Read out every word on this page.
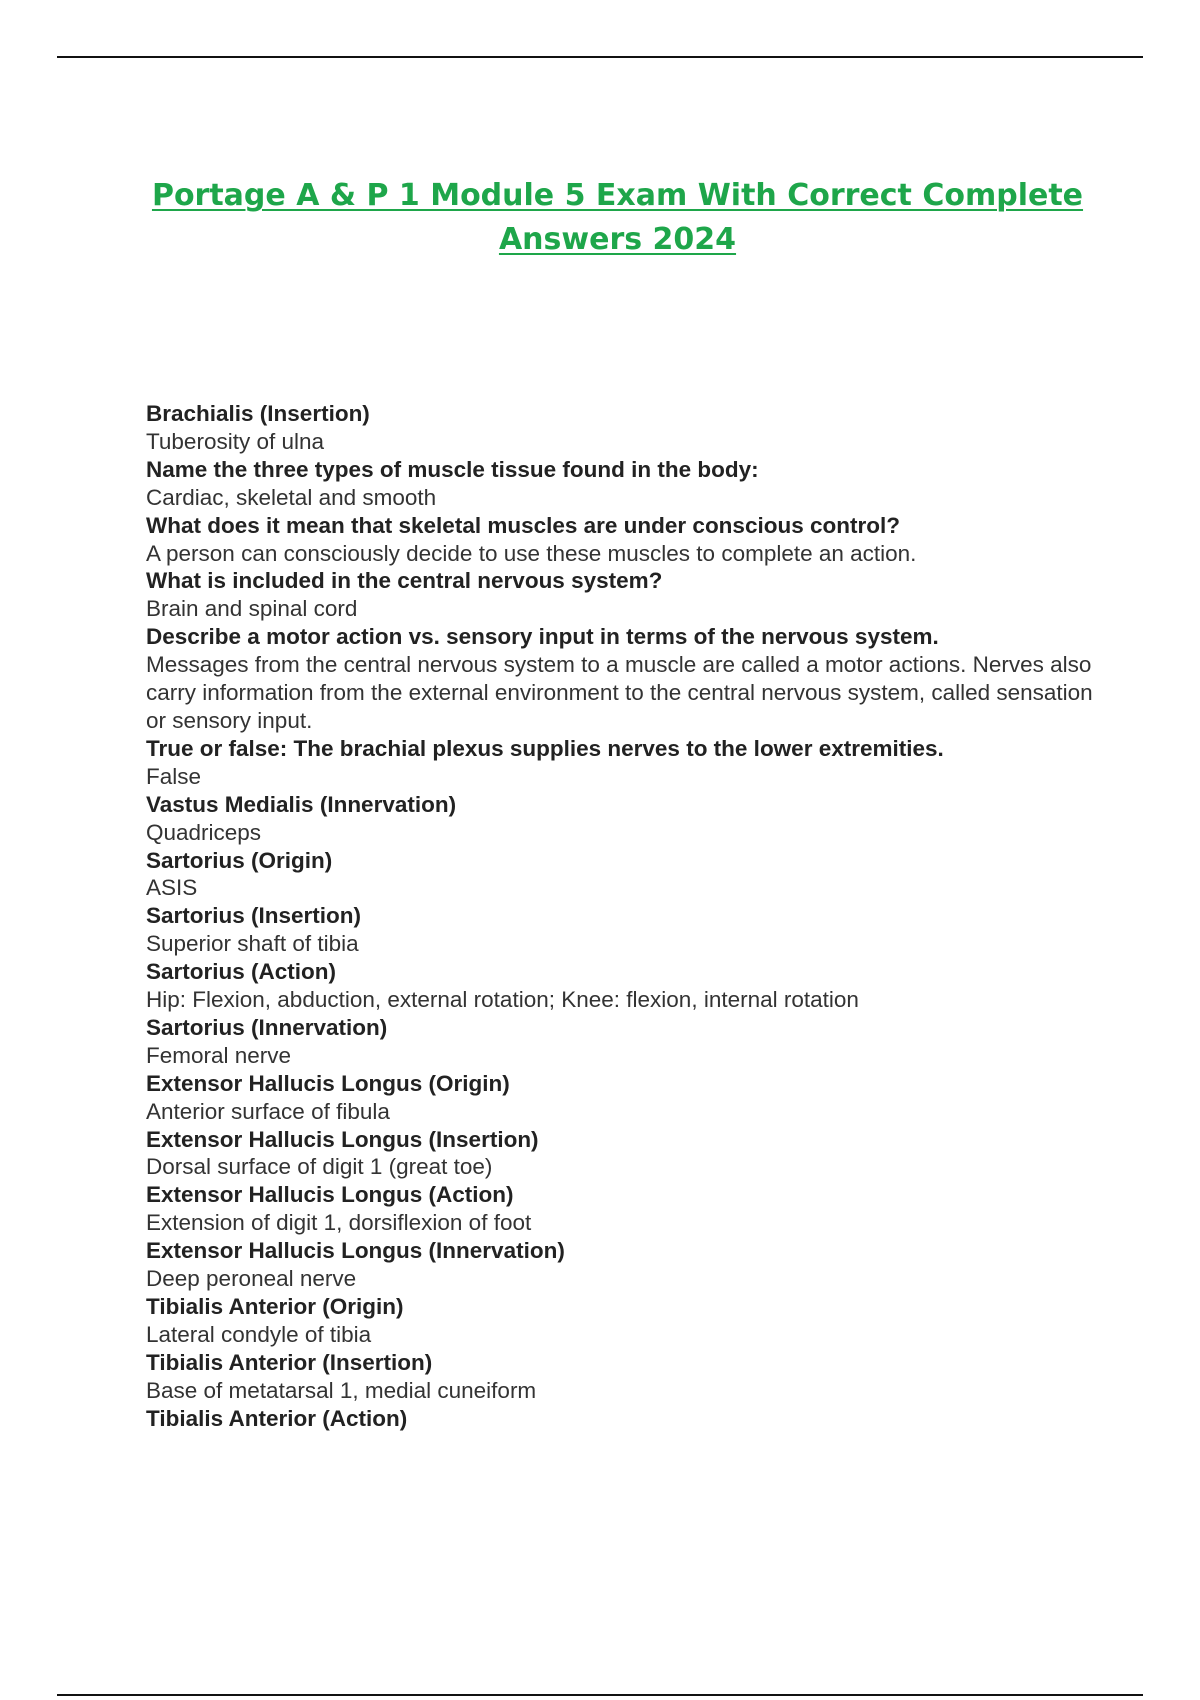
Portage A & P 1 Module 5 Exam With Correct Complete Answers 2024
Brachialis (Insertion)
Tuberosity of ulna
Name the three types of muscle tissue found in the body:
Cardiac, skeletal and smooth
What does it mean that skeletal muscles are under conscious control?
A person can consciously decide to use these muscles to complete an action.
What is included in the central nervous system?
Brain and spinal cord
Describe a motor action vs. sensory input in terms of the nervous system.
Messages from the central nervous system to a muscle are called a motor actions. Nerves also carry information from the external environment to the central nervous system, called sensation or sensory input.
True or false: The brachial plexus supplies nerves to the lower extremities.
False
Vastus Medialis (Innervation)
Quadriceps
Sartorius (Origin)
ASIS
Sartorius (Insertion)
Superior shaft of tibia
Sartorius (Action)
Hip: Flexion, abduction, external rotation; Knee: flexion, internal rotation
Sartorius (Innervation)
Femoral nerve
Extensor Hallucis Longus (Origin)
Anterior surface of fibula
Extensor Hallucis Longus (Insertion)
Dorsal surface of digit 1 (great toe)
Extensor Hallucis Longus (Action)
Extension of digit 1, dorsiflexion of foot
Extensor Hallucis Longus (Innervation)
Deep peroneal nerve
Tibialis Anterior (Origin)
Lateral condyle of tibia
Tibialis Anterior (Insertion)
Base of metatarsal 1, medial cuneiform
Tibialis Anterior (Action)
